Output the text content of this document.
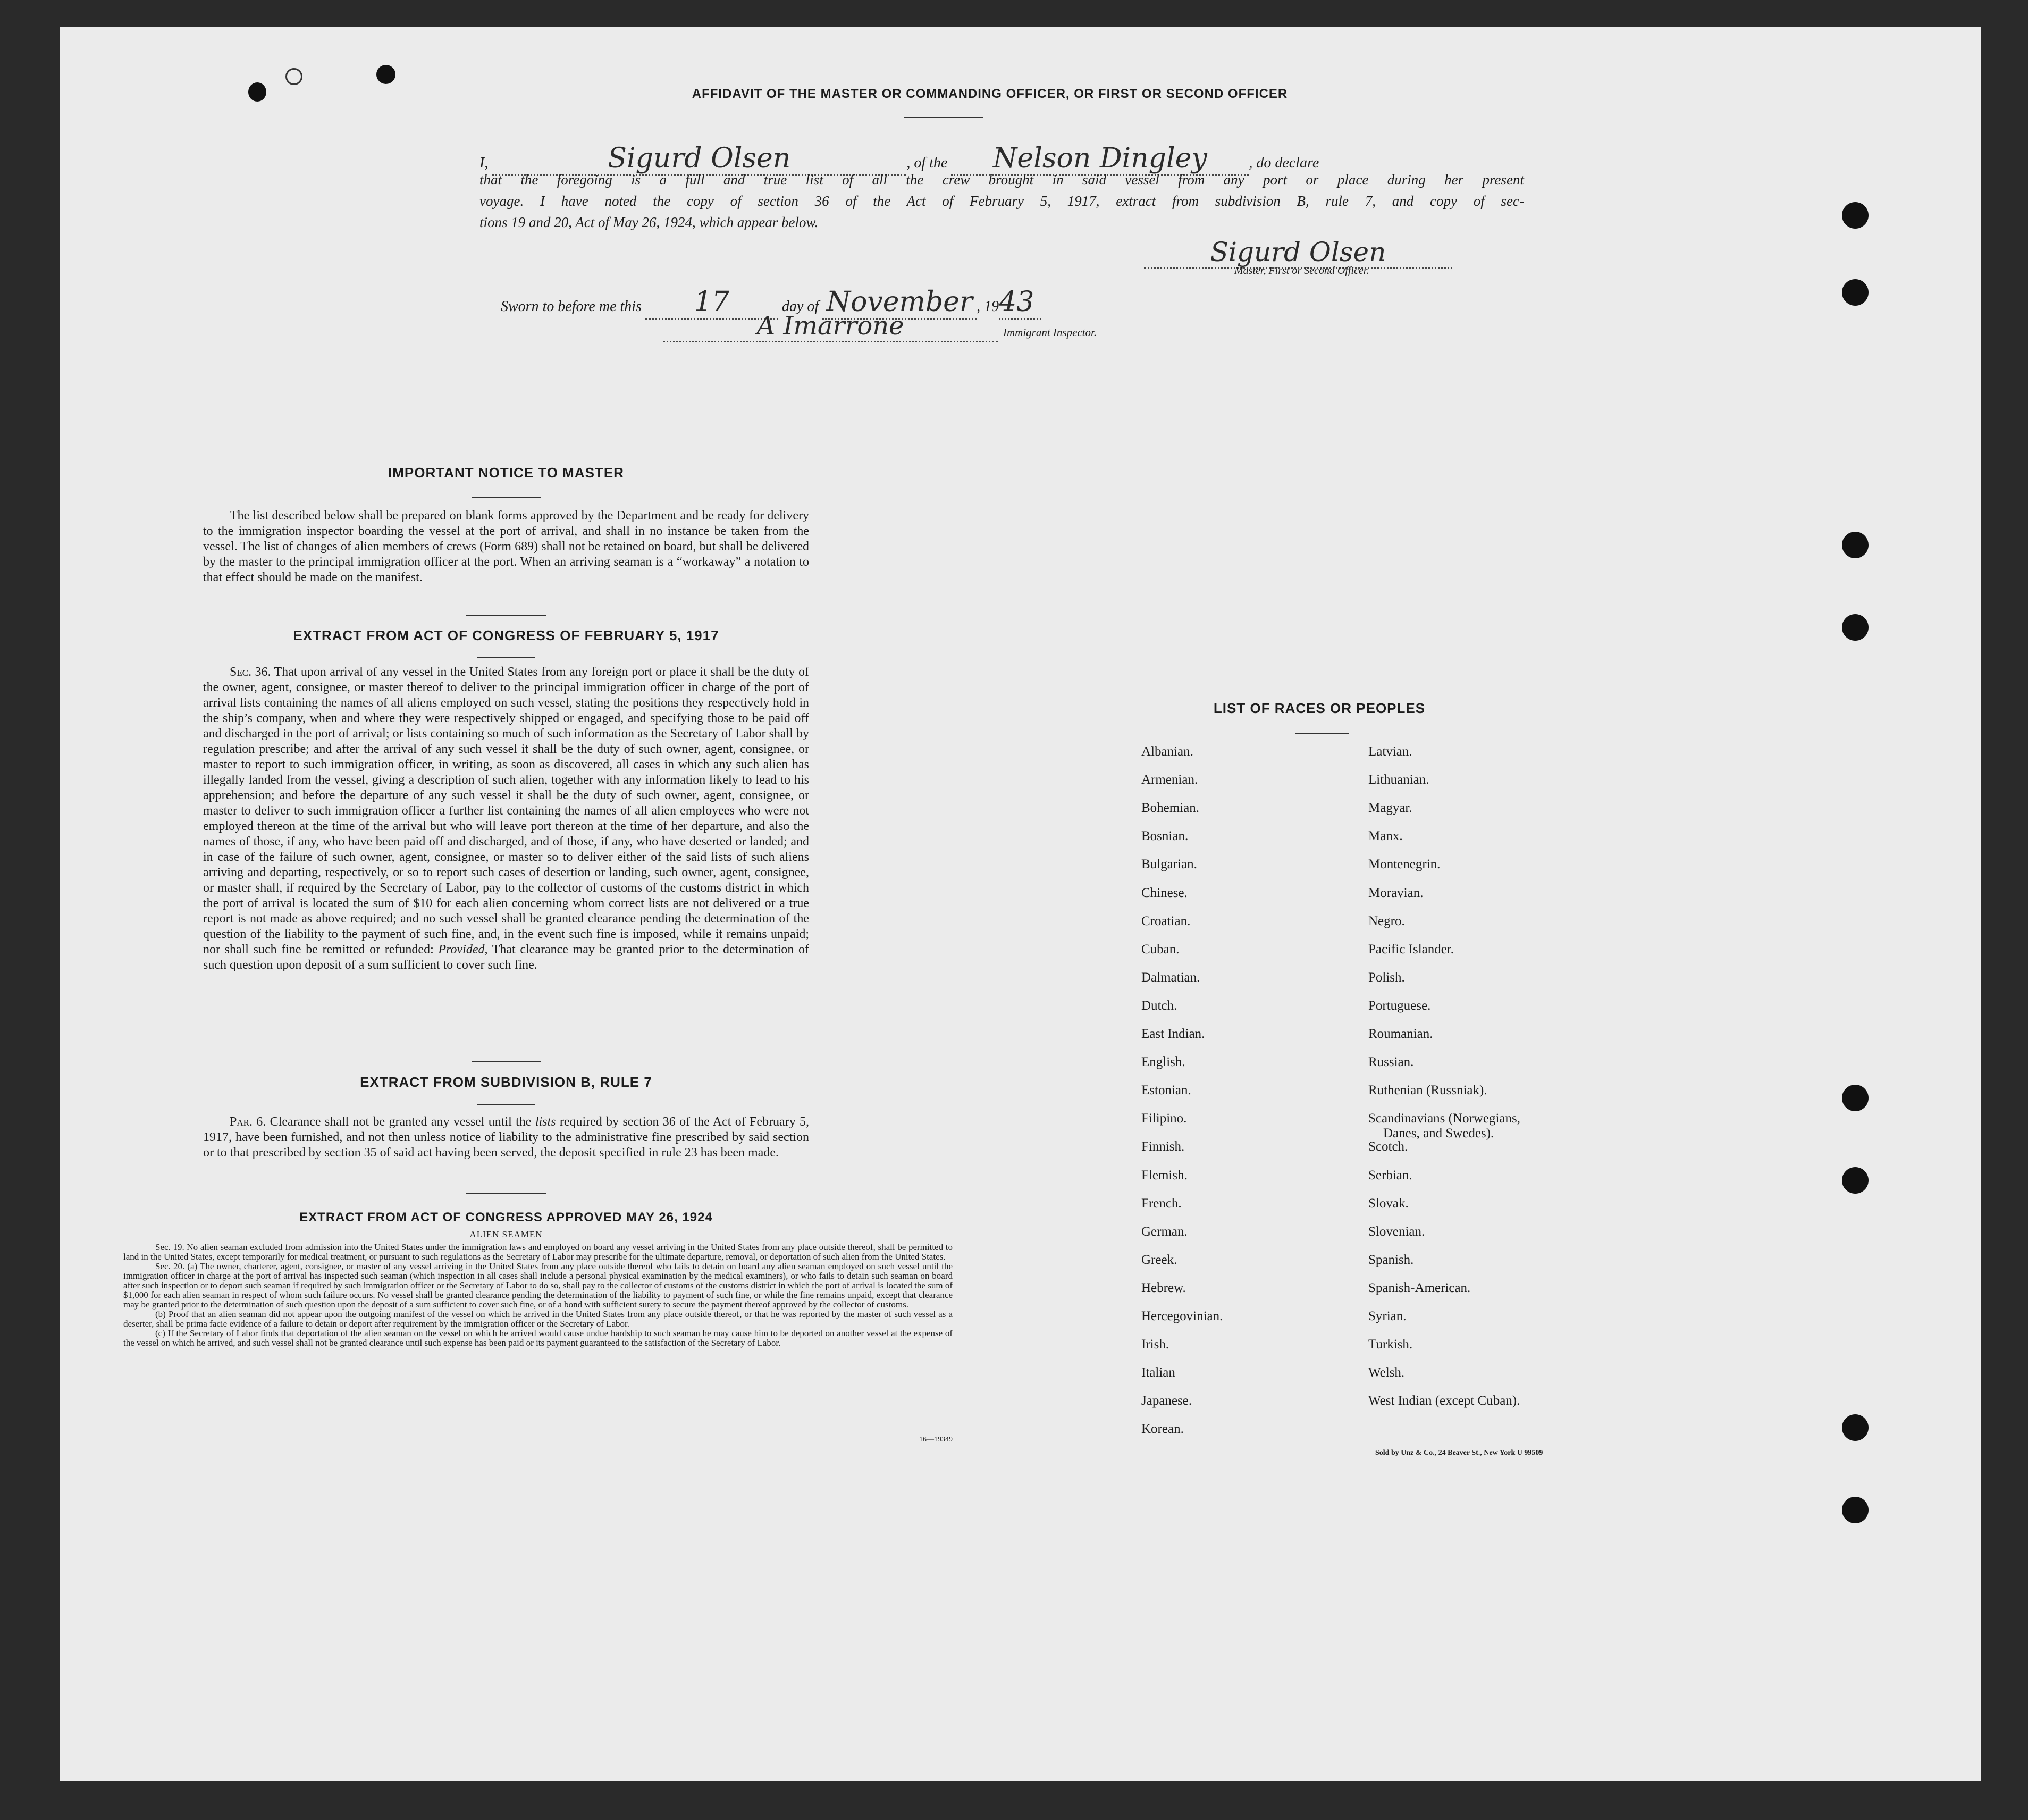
AFFIDAVIT OF THE MASTER OR COMMANDING OFFICER, OR FIRST OR SECOND OFFICER
I,	Sigurd Olsen	, of the Nelson Dingley	, do declare
that the foregoing is a full and true list of all the crew brought in said vessel from any port or place during her present
voyage. I have noted the copy of section 36 of the Act of February 5, 1917, extract from subdivision B, rule 7, and copy of sec-
tions 19 and 20, Act of May 26, 1924, which appear below.
Sigurd Olsen
Master, First or Second Officer.
Sworn to before me this 17	day of November , 1943
A Imarrone	Immigrant Inspector.
IMPORTANT NOTICE TO MASTER
The list described below shall be prepared on blank forms approved by the Department and be ready for delivery to the immigration inspector boarding the vessel at the port of arrival, and shall in no instance be taken from the vessel. The list of changes of alien members of crews (Form 689) shall not be retained on board, but shall be delivered by the master to the principal immigration officer at the port. When an arriving seaman is a “workaway” a notation to that effect should be made on the manifest.
EXTRACT FROM ACT OF CONGRESS OF FEBRUARY 5, 1917
Sec. 36. That upon arrival of any vessel in the United States from any foreign port or place it shall be the duty of the owner, agent, consignee, or master thereof to deliver to the principal immigration officer in charge of the port of arrival lists containing the names of all aliens employed on such vessel, stating the positions they respectively hold in the ship’s company, when and where they were respectively shipped or engaged, and specifying those to be paid off and discharged in the port of arrival; or lists containing so much of such information as the Secretary of Labor shall by regulation prescribe; and after the arrival of any such vessel it shall be the duty of such owner, agent, consignee, or master to report to such immigration officer, in writing, as soon as discovered, all cases in which any such alien has illegally landed from the vessel, giving a description of such alien, together with any information likely to lead to his apprehension; and before the departure of any such vessel it shall be the duty of such owner, agent, consignee, or master to deliver to such immigration officer a further list containing the names of all alien employees who were not employed thereon at the time of the arrival but who will leave port thereon at the time of her departure, and also the names of those, if any, who have been paid off and discharged, and of those, if any, who have deserted or landed; and in case of the failure of such owner, agent, consignee, or master so to deliver either of the said lists of such aliens arriving and departing, respectively, or so to report such cases of desertion or landing, such owner, agent, consignee, or master shall, if required by the Secretary of Labor, pay to the collector of customs of the customs district in which the port of arrival is located the sum of $10 for each alien concerning whom correct lists are not delivered or a true report is not made as above required; and no such vessel shall be granted clearance pending the determination of the question of the liability to the payment of such fine, and, in the event such fine is imposed, while it remains unpaid; nor shall such fine be remitted or refunded: Provided, That clearance may be granted prior to the determination of such question upon deposit of a sum sufficient to cover such fine.
EXTRACT FROM SUBDIVISION B, RULE 7
Par. 6. Clearance shall not be granted any vessel until the lists required by section 36 of the Act of February 5, 1917, have been furnished, and not then unless notice of liability to the administrative fine prescribed by said section or to that prescribed by section 35 of said act having been served, the deposit specified in rule 23 has been made.
EXTRACT FROM ACT OF CONGRESS APPROVED MAY 26, 1924
ALIEN SEAMEN
Sec. 19. No alien seaman excluded from admission into the United States under the immigration laws and employed on board any vessel arriving in the United States from any place outside thereof, shall be permitted to land in the United States, except temporarily for medical treatment, or pursuant to such regulations as the Secretary of Labor may prescribe for the ultimate departure, removal, or deportation of such alien from the United States.
Sec. 20. (a) The owner, charterer, agent, consignee, or master of any vessel arriving in the United States from any place outside thereof who fails to detain on board any alien seaman employed on such vessel until the immigration officer in charge at the port of arrival has inspected such seaman (which inspection in all cases shall include a personal physical examination by the medical examiners), or who fails to detain such seaman on board after such inspection or to deport such seaman if required by such immigration officer or the Secretary of Labor to do so, shall pay to the collector of customs of the customs district in which the port of arrival is located the sum of $1,000 for each alien seaman in respect of whom such failure occurs. No vessel shall be granted clearance pending the determination of the liability to payment of such fine, or while the fine remains unpaid, except that clearance may be granted prior to the determination of such question upon the deposit of a sum sufficient to cover such fine, or of a bond with sufficient surety to secure the payment thereof approved by the collector of customs.
(b) Proof that an alien seaman did not appear upon the outgoing manifest of the vessel on which he arrived in the United States from any place outside thereof, or that he was reported by the master of such vessel as a deserter, shall be prima facie evidence of a failure to detain or deport after requirement by the immigration officer or the Secretary of Labor.
(c) If the Secretary of Labor finds that deportation of the alien seaman on the vessel on which he arrived would cause undue hardship to such seaman he may cause him to be deported on another vessel at the expense of the vessel on which he arrived, and such vessel shall not be granted clearance until such expense has been paid or its payment guaranteed to the satisfaction of the Secretary of Labor.
16—19349
LIST OF RACES OR PEOPLES
Sold by Unz & Co., 24 Beaver St., New York U 99509
Albanian.
Armenian.
Bohemian.
Bosnian.
Bulgarian.
Chinese.
Croatian.
Cuban.
Dalmatian.
Dutch.
East Indian.
English.
Estonian.
Filipino.
Finnish.
Flemish.
French.
German.
Greek.
Hebrew.
Hercegovinian.
Irish.
Italian
Japanese.
Korean.
Latvian.
Lithuanian.
Magyar.
Manx.
Montenegrin.
Moravian.
Negro.
Pacific Islander.
Polish.
Portuguese.
Roumanian.
Russian.
Ruthenian (Russniak).
Scandinavians (Norwegians,
Danes, and Swedes).
Scotch.
Serbian.
Slovak.
Slovenian.
Spanish.
Spanish-American.
Syrian.
Turkish.
Welsh.
West Indian (except Cuban).
